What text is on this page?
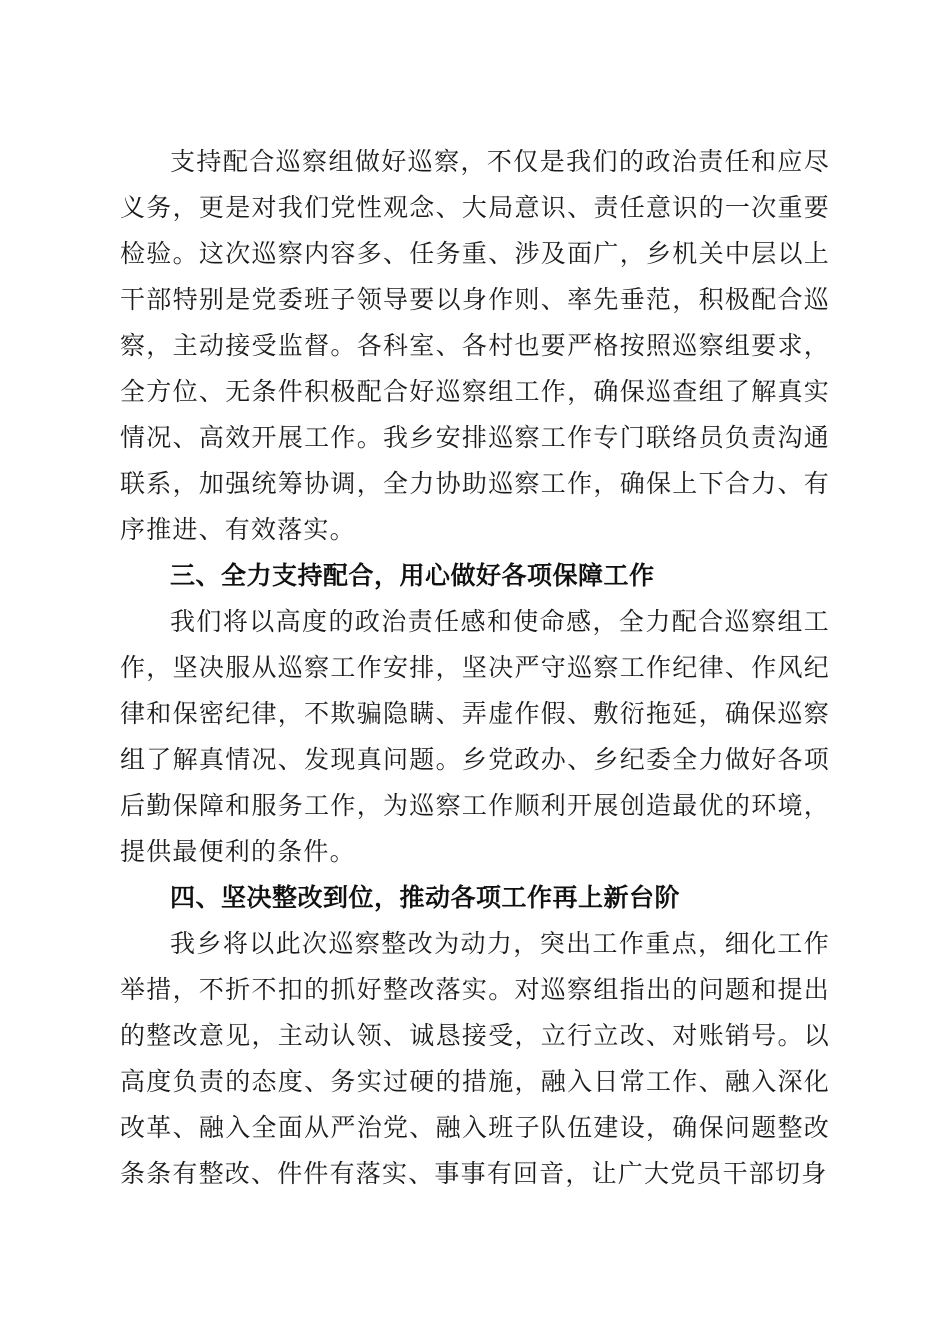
支持配合巡察组做好巡察，不仅是我们的政治责任和应尽义务，更是对我们党性观念、大局意识、责任意识的一次重要检验。这次巡察内容多、任务重、涉及面广，乡机关中层以上干部特别是党委班子领导要以身作则、率先垂范，积极配合巡察，主动接受监督。各科室、各村也要严格按照巡察组要求，全方位、无条件积极配合好巡察组工作，确保巡查组了解真实情况、高效开展工作。我乡安排巡察工作专门联络员负责沟通联系，加强统筹协调，全力协助巡察工作，确保上下合力、有序推进、有效落实。

三、全力支持配合，用心做好各项保障工作

我们将以高度的政治责任感和使命感，全力配合巡察组工作，坚决服从巡察工作安排，坚决严守巡察工作纪律、作风纪律和保密纪律，不欺骗隐瞒、弄虚作假、敷衍拖延，确保巡察组了解真情况、发现真问题。乡党政办、乡纪委全力做好各项后勤保障和服务工作，为巡察工作顺利开展创造最优的环境，提供最便利的条件。

四、坚决整改到位，推动各项工作再上新台阶

我乡将以此次巡察整改为动力，突出工作重点，细化工作举措，不折不扣的抓好整改落实。对巡察组指出的问题和提出的整改意见，主动认领、诚恳接受，立行立改、对账销号。以高度负责的态度、务实过硬的措施，融入日常工作、融入深化改革、融入全面从严治党、融入班子队伍建设，确保问题整改条条有整改、件件有落实、事事有回音，让广大党员干部切身
